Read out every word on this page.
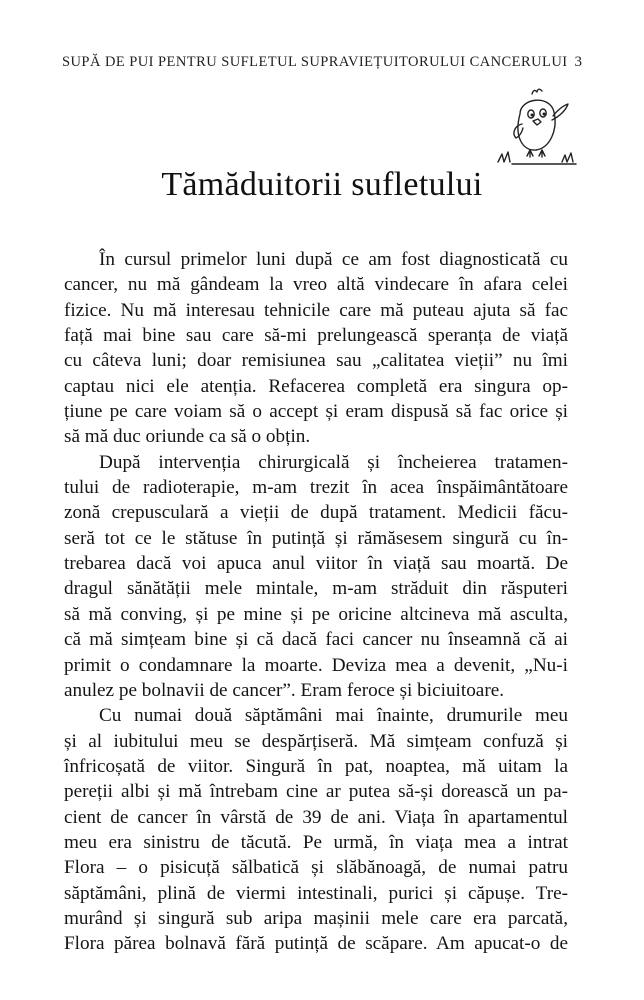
SUPĂ DE PUI PENTRU SUFLETUL SUPRAVIEȚUITORULUI CANCERULUI 3
Tămăduitorii sufletului
În cursul primelor luni după ce am fost diagnosticată cu
cancer, nu mă gândeam la vreo altă vindecare în afara celei
fizice. Nu mă interesau tehnicile care mă puteau ajuta să fac
față mai bine sau care să-mi prelungească speranța de viață
cu câteva luni; doar remisiunea sau „calitatea vieții” nu îmi
captau nici ele atenția. Refacerea completă era singura op-
țiune pe care voiam să o accept și eram dispusă să fac orice și
să mă duc oriunde ca să o obțin.
După intervenția chirurgicală și încheierea tratamen-
tului de radioterapie, m-am trezit în acea înspăimântătoare
zonă crepusculară a vieții de după tratament. Medicii făcu-
seră tot ce le stătuse în putință și rămăsesem singură cu în-
trebarea dacă voi apuca anul viitor în viață sau moartă. De
dragul sănătății mele mintale, m-am străduit din răsputeri
să mă conving, și pe mine și pe oricine altcineva mă asculta,
că mă simțeam bine și că dacă faci cancer nu înseamnă că ai
primit o condamnare la moarte. Deviza mea a devenit, „Nu-i
anulez pe bolnavii de cancer”. Eram feroce și biciuitoare.
Cu numai două săptămâni mai înainte, drumurile meu
și al iubitului meu se despărțiseră. Mă simțeam confuză și
înfricoșată de viitor. Singură în pat, noaptea, mă uitam la
pereții albi și mă întrebam cine ar putea să-și dorească un pa-
cient de cancer în vârstă de 39 de ani. Viața în apartamentul
meu era sinistru de tăcută. Pe urmă, în viața mea a intrat
Flora – o pisicuță sălbatică și slăbănoagă, de numai patru
săptămâni, plină de viermi intestinali, purici și căpușe. Tre-
murând și singură sub aripa mașinii mele care era parcată,
Flora părea bolnavă fără putință de scăpare. Am apucat-o de
